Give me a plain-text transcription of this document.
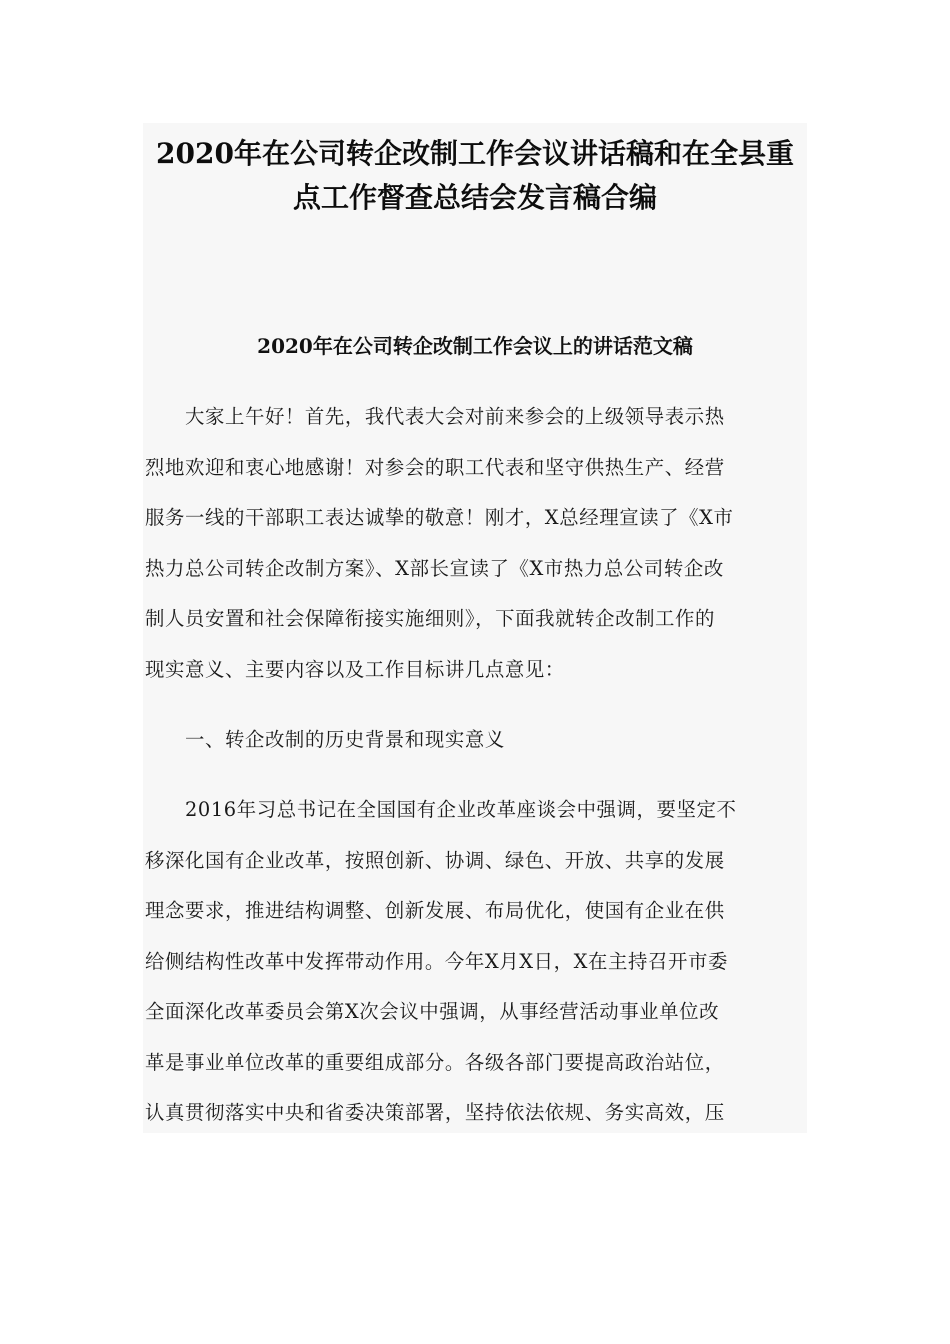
2020年在公司转企改制工作会议讲话稿和在全县重
点工作督查总结会发言稿合编
2020年在公司转企改制工作会议上的讲话范文稿

　　大家上午好！首先，我代表大会对前来参会的上级领导表示热
烈地欢迎和衷心地感谢！对参会的职工代表和坚守供热生产、经营
服务一线的干部职工表达诚挚的敬意！刚才，X总经理宣读了《X市
热力总公司转企改制方案》、X部长宣读了《X市热力总公司转企改
制人员安置和社会保障衔接实施细则》，下面我就转企改制工作的
现实意义、主要内容以及工作目标讲几点意见：

　　一、转企改制的历史背景和现实意义

　　2016年习总书记在全国国有企业改革座谈会中强调，要坚定不
移深化国有企业改革，按照创新、协调、绿色、开放、共享的发展
理念要求，推进结构调整、创新发展、布局优化，使国有企业在供
给侧结构性改革中发挥带动作用。今年X月X日，X在主持召开市委
全面深化改革委员会第X次会议中强调，从事经营活动事业单位改
革是事业单位改革的重要组成部分。各级各部门要提高政治站位，
认真贯彻落实中央和省委决策部署，坚持依法依规、务实高效，压
